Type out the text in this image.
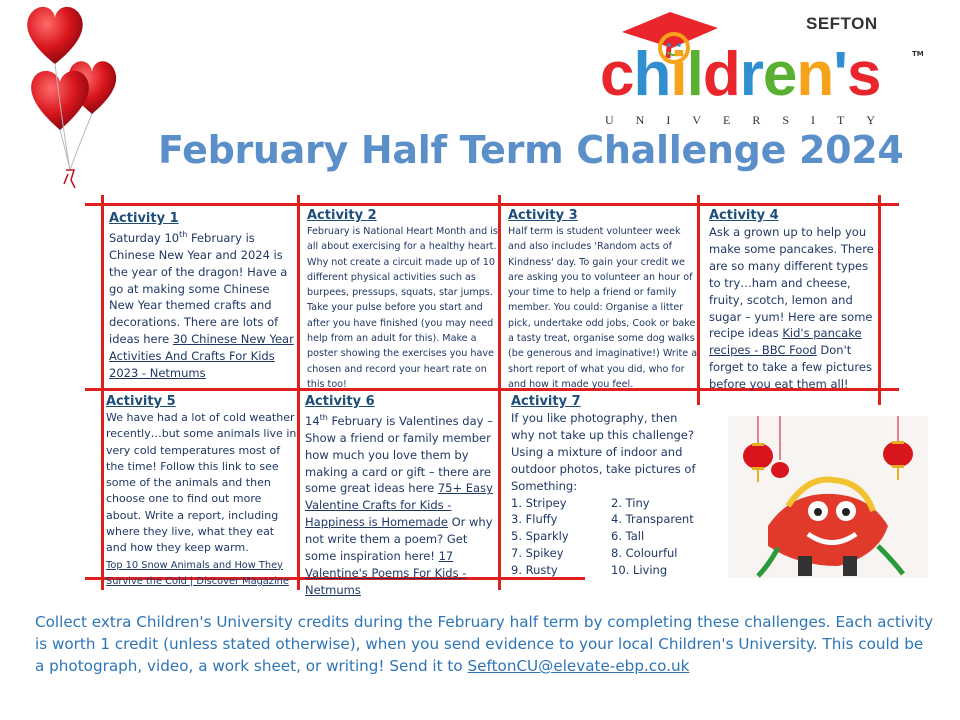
SEFTON
children's	TM
UNIVERSITY
February Half Term Challenge 2024
Activity 1
Saturday 10th February is Chinese New Year and 2024 is the year of the dragon! Have a go at making some Chinese New Year themed crafts and decorations. There are lots of ideas here 30 Chinese New Year Activities And Crafts For Kids 2023 - Netmums
Activity 2
February is National Heart Month and is all about exercising for a healthy heart. Why not create a circuit made up of 10 different physical activities such as burpees, pressups, squats, star jumps. Take your pulse before you start and after you have finished (you may need help from an adult for this). Make a poster showing the exercises you have chosen and record your heart rate on this too!
Activity 3
Half term is student volunteer week and also includes 'Random acts of Kindness' day. To gain your credit we are asking you to volunteer an hour of your time to help a friend or family member. You could: Organise a litter pick, undertake odd jobs, Cook or bake a tasty treat, organise some dog walks (be generous and imaginative!) Write a short report of what you did, who for and how it made you feel.
Activity 4
Ask a grown up to help you make some pancakes. There are so many different types to try…ham and cheese, fruity, scotch, lemon and sugar – yum! Here are some recipe ideas Kid's pancake recipes - BBC Food Don't forget to take a few pictures before you eat them all!
Activity 5
We have had a lot of cold weather recently…but some animals live in very cold temperatures most of the time! Follow this link to see some of the animals and then choose one to find out more about. Write a report, including where they live, what they eat and how they keep warm.
Top 10 Snow Animals and How They Survive the Cold | Discover Magazine
Activity 6
14th February is Valentines day – Show a friend or family member how much you love them by making a card or gift – there are some great ideas here 75+ Easy Valentine Crafts for Kids - Happiness is Homemade Or why not write them a poem? Get some inspiration here! 17 Valentine's Poems For Kids - Netmums
Activity 7
If you like photography, then why not take up this challenge? Using a mixture of indoor and outdoor photos, take pictures of Something:
1. Stripey	2. Tiny
3. Fluffy	4. Transparent
5. Sparkly	6. Tall
7. Spikey	8. Colourful
9. Rusty	10. Living
Collect extra Children's University credits during the February half term by completing these challenges. Each activity is worth 1 credit (unless stated otherwise), when you send evidence to your local Children's University. This could be a photograph, video, a work sheet, or writing! Send it to SeftonCU@elevate-ebp.co.uk
